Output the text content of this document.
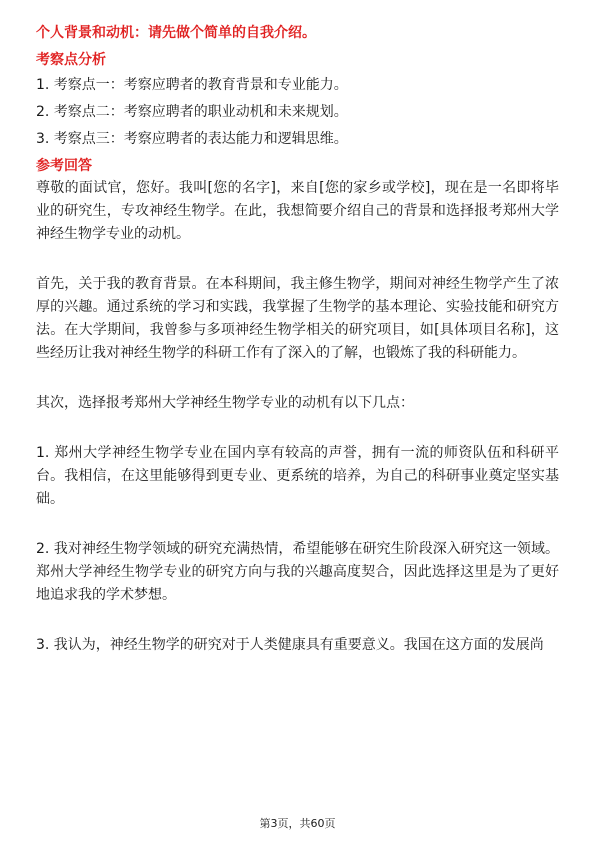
个人背景和动机：请先做个简单的自我介绍。
考察点分析
1. 考察点一：考察应聘者的教育背景和专业能力。
2. 考察点二：考察应聘者的职业动机和未来规划。
3. 考察点三：考察应聘者的表达能力和逻辑思维。
参考回答

尊敬的面试官，您好。我叫[您的名字]，来自[您的家乡或学校]，现在是一名即将毕业的研究生，专攻神经生物学。在此，我想简要介绍自己的背景和选择报考郑州大学神经生物学专业的动机。

首先，关于我的教育背景。在本科期间，我主修生物学，期间对神经生物学产生了浓厚的兴趣。通过系统的学习和实践，我掌握了生物学的基本理论、实验技能和研究方法。在大学期间，我曾参与多项神经生物学相关的研究项目，如[具体项目名称]，这些经历让我对神经生物学的科研工作有了深入的了解，也锻炼了我的科研能力。

其次，选择报考郑州大学神经生物学专业的动机有以下几点：

1. 郑州大学神经生物学专业在国内享有较高的声誉，拥有一流的师资队伍和科研平台。我相信，在这里能够得到更专业、更系统的培养，为自己的科研事业奠定坚实基础。

2. 我对神经生物学领域的研究充满热情，希望能够在研究生阶段深入研究这一领域。郑州大学神经生物学专业的研究方向与我的兴趣高度契合，因此选择这里是为了更好地追求我的学术梦想。

3. 我认为，神经生物学的研究对于人类健康具有重要意义。我国在这方面的发展尚

第3页，共60页
